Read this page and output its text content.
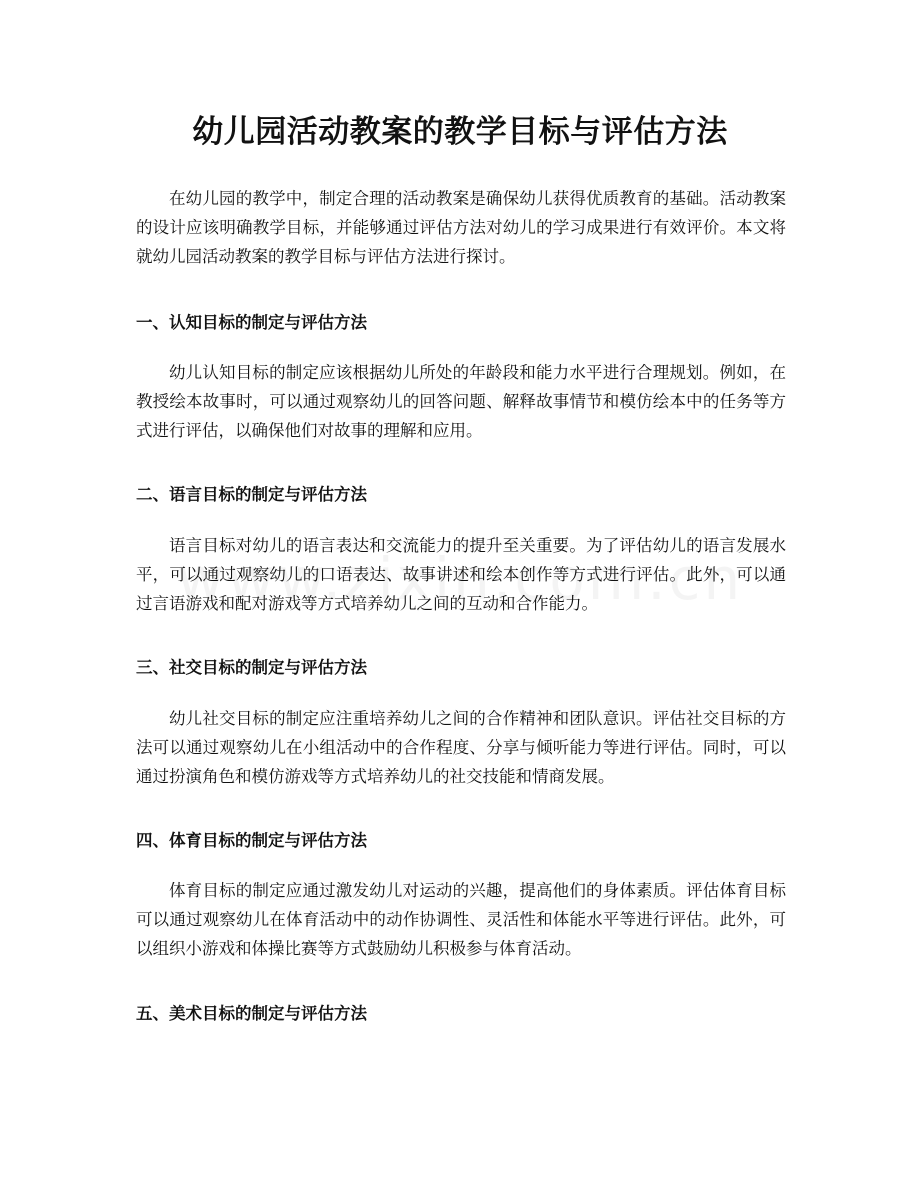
幼儿园活动教案的教学目标与评估方法

在幼儿园的教学中，制定合理的活动教案是确保幼儿获得优质教育的基础。活动教案的设计应该明确教学目标，并能够通过评估方法对幼儿的学习成果进行有效评价。本文将就幼儿园活动教案的教学目标与评估方法进行探讨。

一、认知目标的制定与评估方法

幼儿认知目标的制定应该根据幼儿所处的年龄段和能力水平进行合理规划。例如，在教授绘本故事时，可以通过观察幼儿的回答问题、解释故事情节和模仿绘本中的任务等方式进行评估，以确保他们对故事的理解和应用。

二、语言目标的制定与评估方法

语言目标对幼儿的语言表达和交流能力的提升至关重要。为了评估幼儿的语言发展水平，可以通过观察幼儿的口语表达、故事讲述和绘本创作等方式进行评估。此外，可以通过言语游戏和配对游戏等方式培养幼儿之间的互动和合作能力。

三、社交目标的制定与评估方法

幼儿社交目标的制定应注重培养幼儿之间的合作精神和团队意识。评估社交目标的方法可以通过观察幼儿在小组活动中的合作程度、分享与倾听能力等进行评估。同时，可以通过扮演角色和模仿游戏等方式培养幼儿的社交技能和情商发展。

四、体育目标的制定与评估方法

体育目标的制定应通过激发幼儿对运动的兴趣，提高他们的身体素质。评估体育目标可以通过观察幼儿在体育活动中的动作协调性、灵活性和体能水平等进行评估。此外，可以组织小游戏和体操比赛等方式鼓励幼儿积极参与体育活动。

五、美术目标的制定与评估方法
